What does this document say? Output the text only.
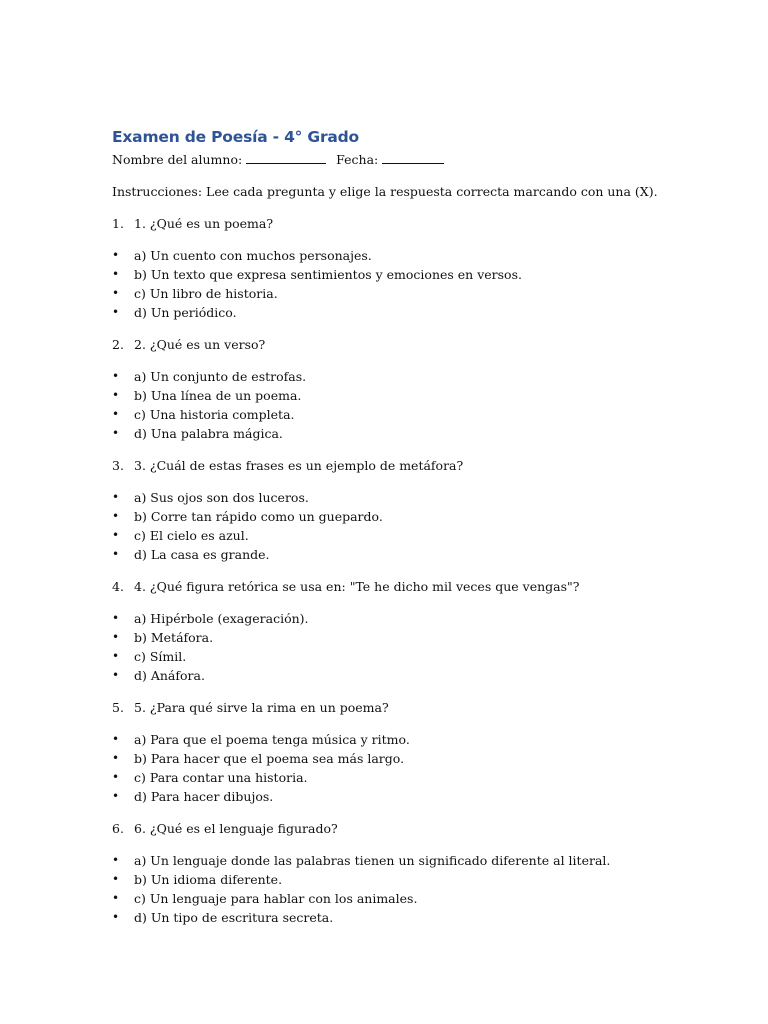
Examen de Poesía - 4° Grado
Nombre del alumno:	Fecha:
Instrucciones: Lee cada pregunta y elige la respuesta correcta marcando con una (X).
1. 1. ¿Qué es un poema?
•	a) Un cuento con muchos personajes.
•	b) Un texto que expresa sentimientos y emociones en versos.
•	c) Un libro de historia.
•	d) Un periódico.
2. 2. ¿Qué es un verso?
•	a) Un conjunto de estrofas.
•	b) Una línea de un poema.
•	c) Una historia completa.
•	d) Una palabra mágica.
3. 3. ¿Cuál de estas frases es un ejemplo de metáfora?
•	a) Sus ojos son dos luceros.
•	b) Corre tan rápido como un guepardo.
•	c) El cielo es azul.
•	d) La casa es grande.
4. 4. ¿Qué figura retórica se usa en: "Te he dicho mil veces que vengas"?
•	a) Hipérbole (exageración).
•	b) Metáfora.
•	c) Símil.
•	d) Anáfora.
5. 5. ¿Para qué sirve la rima en un poema?
•	a) Para que el poema tenga música y ritmo.
•	b) Para hacer que el poema sea más largo.
•	c) Para contar una historia.
•	d) Para hacer dibujos.
6. 6. ¿Qué es el lenguaje figurado?
•	a) Un lenguaje donde las palabras tienen un significado diferente al literal.
•	b) Un idioma diferente.
•	c) Un lenguaje para hablar con los animales.
•	d) Un tipo de escritura secreta.
